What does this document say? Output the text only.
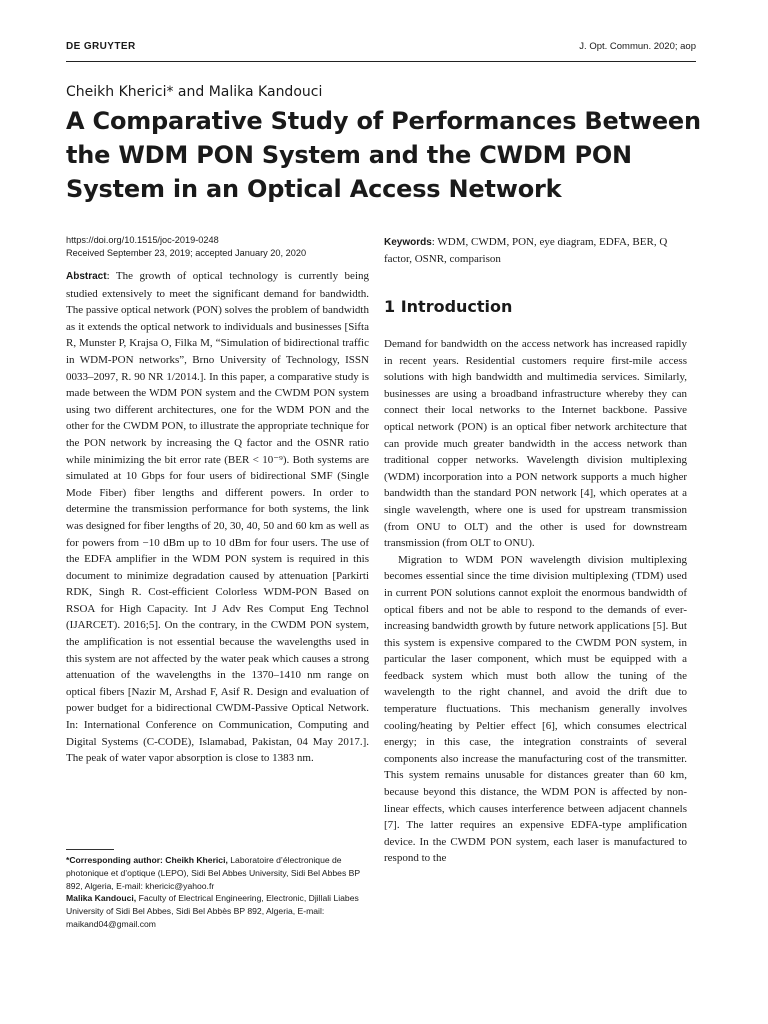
DE GRUYTER	J. Opt. Commun. 2020; aop
Cheikh Kherici* and Malika Kandouci
A Comparative Study of Performances Between the WDM PON System and the CWDM PON System in an Optical Access Network
https://doi.org/10.1515/joc-2019-0248
Received September 23, 2019; accepted January 20, 2020
Keywords: WDM, CWDM, PON, eye diagram, EDFA, BER, Q factor, OSNR, comparison
Abstract: The growth of optical technology is currently being studied extensively to meet the significant demand for bandwidth. The passive optical network (PON) solves the problem of bandwidth as it extends the optical network to individuals and businesses [Sifta R, Munster P, Krajsa O, Filka M, “Simulation of bidirectional traffic in WDM-PON networks”, Brno University of Technology, ISSN 0033–2097, R. 90 NR 1/2014.]. In this paper, a comparative study is made between the WDM PON system and the CWDM PON system using two different architectures, one for the WDM PON and the other for the CWDM PON, to illustrate the appropriate technique for the PON network by increasing the Q factor and the OSNR ratio while minimizing the bit error rate (BER < 10⁻⁹). Both systems are simulated at 10 Gbps for four users of bidirectional SMF (Single Mode Fiber) fiber lengths and different powers. In order to determine the transmission performance for both systems, the link was designed for fiber lengths of 20, 30, 40, 50 and 60 km as well as for powers from −10 dBm up to 10 dBm for four users. The use of the EDFA amplifier in the WDM PON system is required in this document to minimize degradation caused by attenuation [Parkirti RDK, Singh R. Cost-efficient Colorless WDM-PON Based on RSOA for High Capacity. Int J Adv Res Comput Eng Technol (IJARCET). 2016;5]. On the contrary, in the CWDM PON system, the amplification is not essential because the wavelengths used in this system are not affected by the water peak which causes a strong attenuation of the wavelengths in the 1370–1410 nm range on optical fibers [Nazir M, Arshad F, Asif R. Design and evaluation of power budget for a bidirectional CWDM-Passive Optical Network. In: International Conference on Communication, Computing and Digital Systems (C-CODE), Islamabad, Pakistan, 04 May 2017.]. The peak of water vapor absorption is close to 1383 nm.

*Corresponding author: Cheikh Kherici, Laboratoire d’électronique de photonique et d’optique (LEPO), Sidi Bel Abbes University, Sidi Bel Abbes BP 892, Algeria, E-mail: khericic@yahoo.fr

Malika Kandouci, Faculty of Electrical Engineering, Electronic, Djillali Liabes University of Sidi Bel Abbes, Sidi Bel Abbès BP 892, Algeria, E-mail: maikand04@gmail.com

1 Introduction

Demand for bandwidth on the access network has increased rapidly in recent years. Residential customers require first-mile access solutions with high bandwidth and multimedia services. Similarly, businesses are using a broadband infrastructure whereby they can connect their local networks to the Internet backbone. Passive optical network (PON) is an optical fiber network architecture that can provide much greater bandwidth in the access network than traditional copper networks. Wavelength division multiplexing (WDM) incorporation into a PON network supports a much higher bandwidth than the standard PON network [4], which operates at a single wavelength, where one is used for upstream transmission (from ONU to OLT) and the other is used for downstream transmission (from OLT to ONU).

Migration to WDM PON wavelength division multiplexing becomes essential since the time division multiplexing (TDM) used in current PON solutions cannot exploit the enormous bandwidth of optical fibers and not be able to respond to the demands of ever-increasing bandwidth growth by future network applications [5]. But this system is expensive compared to the CWDM PON system, in particular the laser component, which must be equipped with a feedback system which must both allow the tuning of the wavelength to the right channel, and avoid the drift due to temperature fluctuations. This mechanism generally involves cooling/heating by Peltier effect [6], which consumes electrical energy; in this case, the integration constraints of several components also increase the manufacturing cost of the transmitter. This system remains unusable for distances greater than 60 km, because beyond this distance, the WDM PON is affected by non-linear effects, which causes interference between adjacent channels [7]. The latter requires an expensive EDFA-type amplification device. In the CWDM PON system, each laser is manufactured to respond to the
